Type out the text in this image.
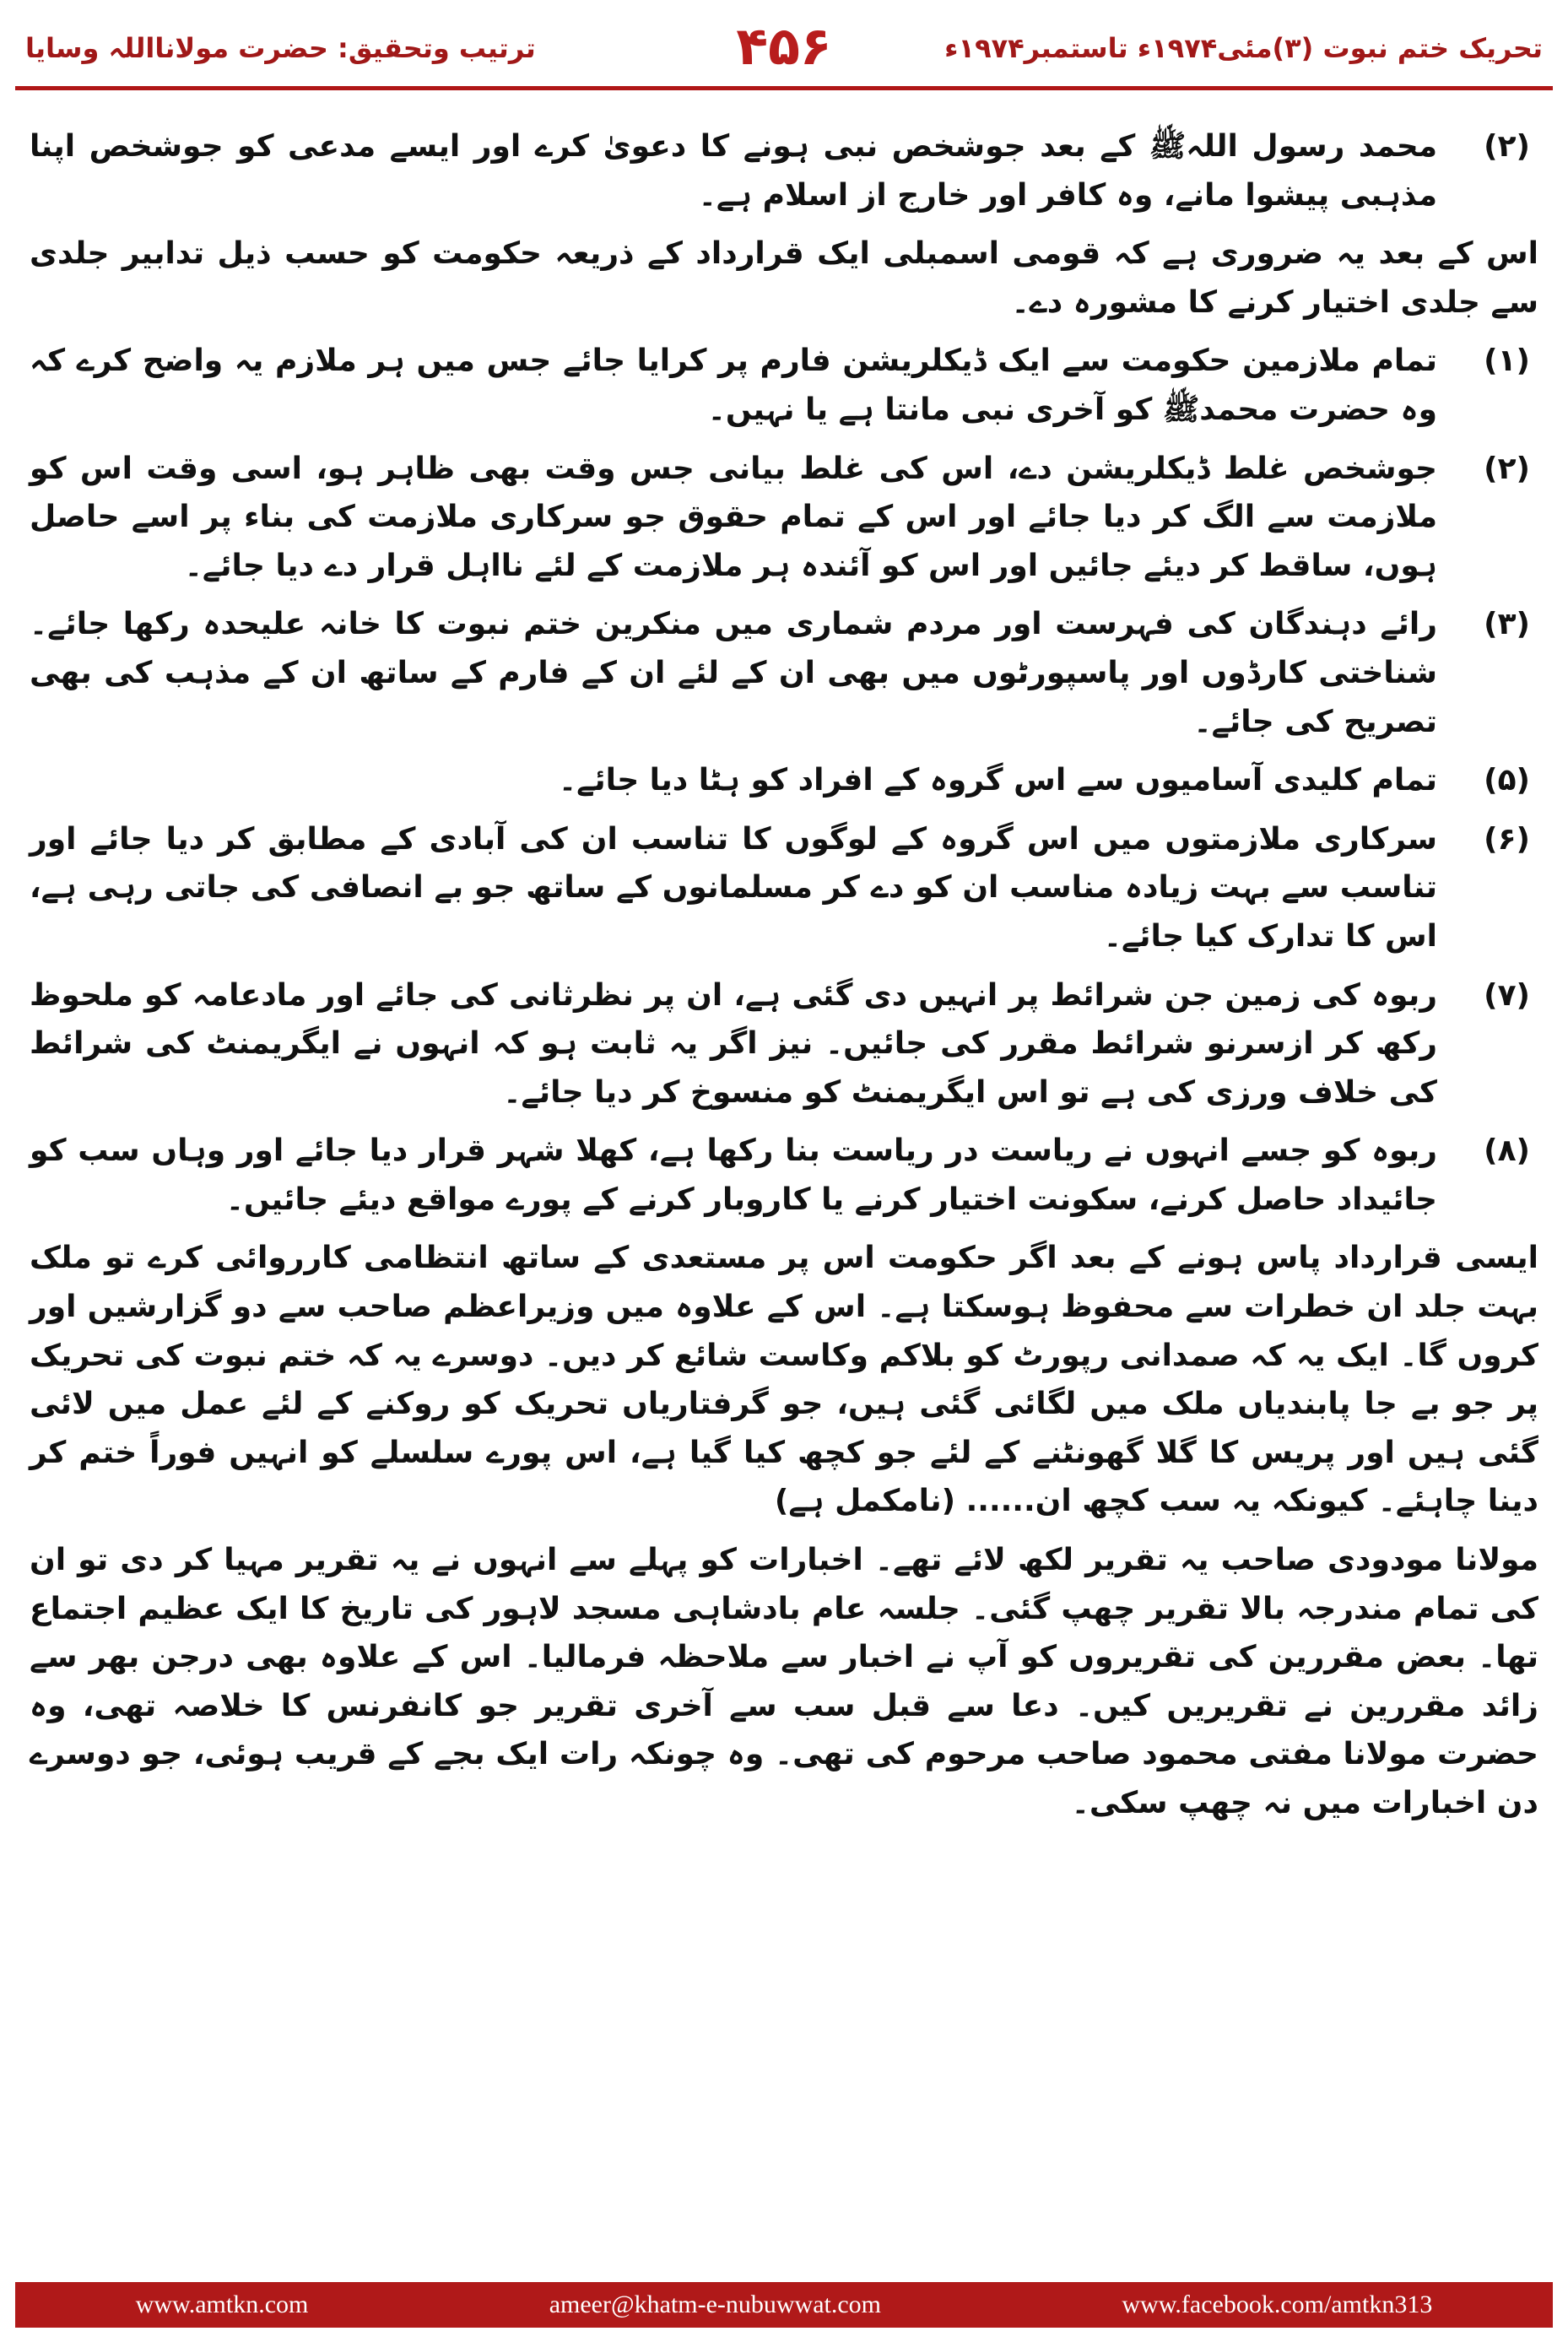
تحریک ختم نبوت (۳)مئی۱۹۷۴ء تاستمبر۱۹۷۴ء
۴۵۶
ترتیب وتحقیق: حضرت مولانااللہ وسایا
(۲)
محمد رسول اللہﷺ کے بعد جوشخص نبی ہونے کا دعویٰ کرے اور ایسے مدعی کو جوشخص اپنا مذہبی پیشوا مانے، وہ کافر اور خارج از اسلام ہے۔

اس کے بعد یہ ضروری ہے کہ قومی اسمبلی ایک قرارداد کے ذریعہ حکومت کو حسب ذیل تدابیر جلدی سے جلدی اختیار کرنے کا مشورہ دے۔

(۱)
تمام ملازمین حکومت سے ایک ڈیکلریشن فارم پر کرایا جائے جس میں ہر ملازم یہ واضح کرے کہ وہ حضرت محمدﷺ کو آخری نبی مانتا ہے یا نہیں۔
(۲)
جوشخص غلط ڈیکلریشن دے، اس کی غلط بیانی جس وقت بھی ظاہر ہو، اسی وقت اس کو ملازمت سے الگ کر دیا جائے اور اس کے تمام حقوق جو سرکاری ملازمت کی بناء پر اسے حاصل ہوں، ساقط کر دیئے جائیں اور اس کو آئندہ ہر ملازمت کے لئے نااہل قرار دے دیا جائے۔
(۳)
رائے دہندگان کی فہرست اور مردم شماری میں منکرین ختم نبوت کا خانہ علیحدہ رکھا جائے۔ شناختی کارڈوں اور پاسپورٹوں میں بھی ان کے لئے ان کے فارم کے ساتھ ان کے مذہب کی بھی تصریح کی جائے۔
(۵)
تمام کلیدی آسامیوں سے اس گروہ کے افراد کو ہٹا دیا جائے۔
(۶)
سرکاری ملازمتوں میں اس گروہ کے لوگوں کا تناسب ان کی آبادی کے مطابق کر دیا جائے اور تناسب سے بہت زیادہ مناسب ان کو دے کر مسلمانوں کے ساتھ جو بے انصافی کی جاتی رہی ہے، اس کا تدارک کیا جائے۔
(۷)
ربوہ کی زمین جن شرائط پر انہیں دی گئی ہے، ان پر نظرثانی کی جائے اور مادعامہ کو ملحوظ رکھ کر ازسرنو شرائط مقرر کی جائیں۔ نیز اگر یہ ثابت ہو کہ انہوں نے ایگریمنٹ کی شرائط کی خلاف ورزی کی ہے تو اس ایگریمنٹ کو منسوخ کر دیا جائے۔
(۸)
ربوہ کو جسے انہوں نے ریاست در ریاست بنا رکھا ہے، کھلا شہر قرار دیا جائے اور وہاں سب کو جائیداد حاصل کرنے، سکونت اختیار کرنے یا کاروبار کرنے کے پورے مواقع دیئے جائیں۔

ایسی قرارداد پاس ہونے کے بعد اگر حکومت اس پر مستعدی کے ساتھ انتظامی کارروائی کرے تو ملک بہت جلد ان خطرات سے محفوظ ہوسکتا ہے۔ اس کے علاوہ میں وزیراعظم صاحب سے دو گزارشیں اور کروں گا۔ ایک یہ کہ صمدانی رپورٹ کو بلاکم وکاست شائع کر دیں۔ دوسرے یہ کہ ختم نبوت کی تحریک پر جو بے جا پابندیاں ملک میں لگائی گئی ہیں، جو گرفتاریاں تحریک کو روکنے کے لئے عمل میں لائی گئی ہیں اور پریس کا گلا گھونٹنے کے لئے جو کچھ کیا گیا ہے، اس پورے سلسلے کو انہیں فوراً ختم کر دینا چاہئے۔ کیونکہ یہ سب کچھ ان...... (نامکمل ہے)

مولانا مودودی صاحب یہ تقریر لکھ لائے تھے۔ اخبارات کو پہلے سے انہوں نے یہ تقریر مہیا کر دی تو ان کی تمام مندرجہ بالا تقریر چھپ گئی۔ جلسہ عام بادشاہی مسجد لاہور کی تاریخ کا ایک عظیم اجتماع تھا۔ بعض مقررین کی تقریروں کو آپ نے اخبار سے ملاحظہ فرمالیا۔ اس کے علاوہ بھی درجن بھر سے زائد مقررین نے تقریریں کیں۔ دعا سے قبل سب سے آخری تقریر جو کانفرنس کا خلاصہ تھی، وہ حضرت مولانا مفتی محمود صاحب مرحوم کی تھی۔ وہ چونکہ رات ایک بجے کے قریب ہوئی، جو دوسرے دن اخبارات میں نہ چھپ سکی۔

www.amtkn.com	ameer@khatm-e-nubuwwat.com	www.facebook.com/amtkn313
